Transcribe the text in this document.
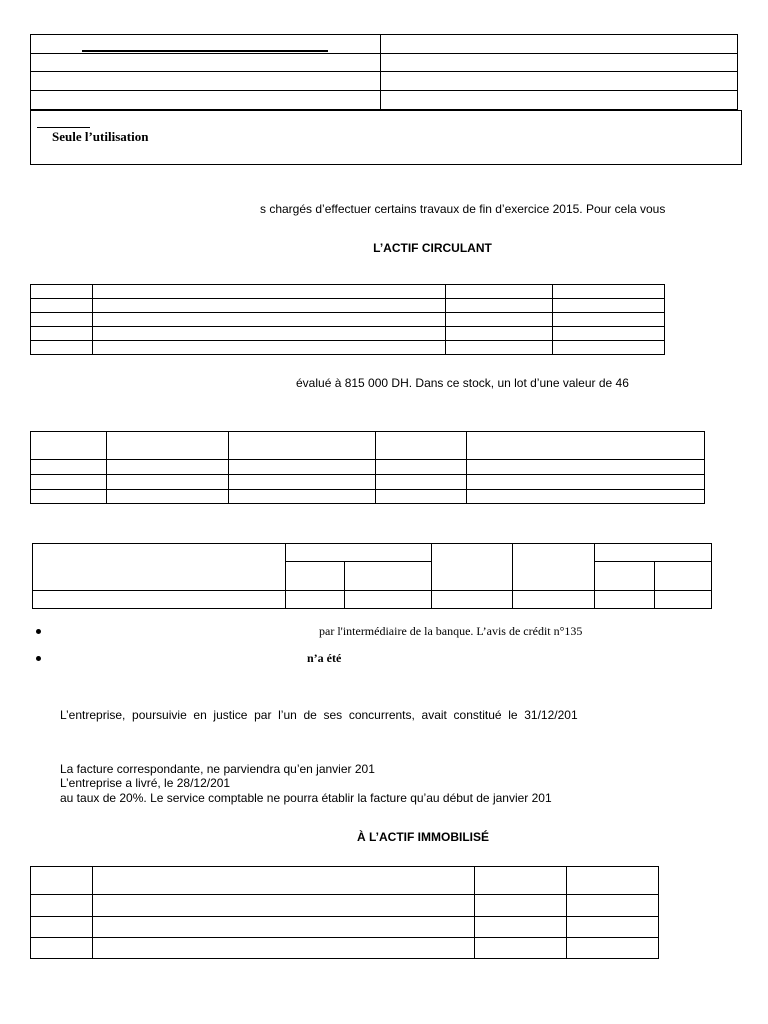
Seule l’utilisation
s chargés d’effectuer certains travaux de fin d’exercice 2015. Pour cela vous
L’ACTIF CIRCULANT
évalué à 815 000 DH. Dans ce stock, un lot d’une valeur de 46
par l'intermédiaire de la banque. L’avis de crédit n°135
n’a été
L’entreprise,  poursuivie  en  justice  par  l’un  de  ses  concurrents,  avait  constitué  le  31/12/201
La facture correspondante, ne parviendra qu’en janvier 201
L’entreprise a livré, le 28/12/201
au taux de 20%. Le service comptable ne pourra établir la facture qu’au début de janvier 201
À L’ACTIF IMMOBILISÉ
